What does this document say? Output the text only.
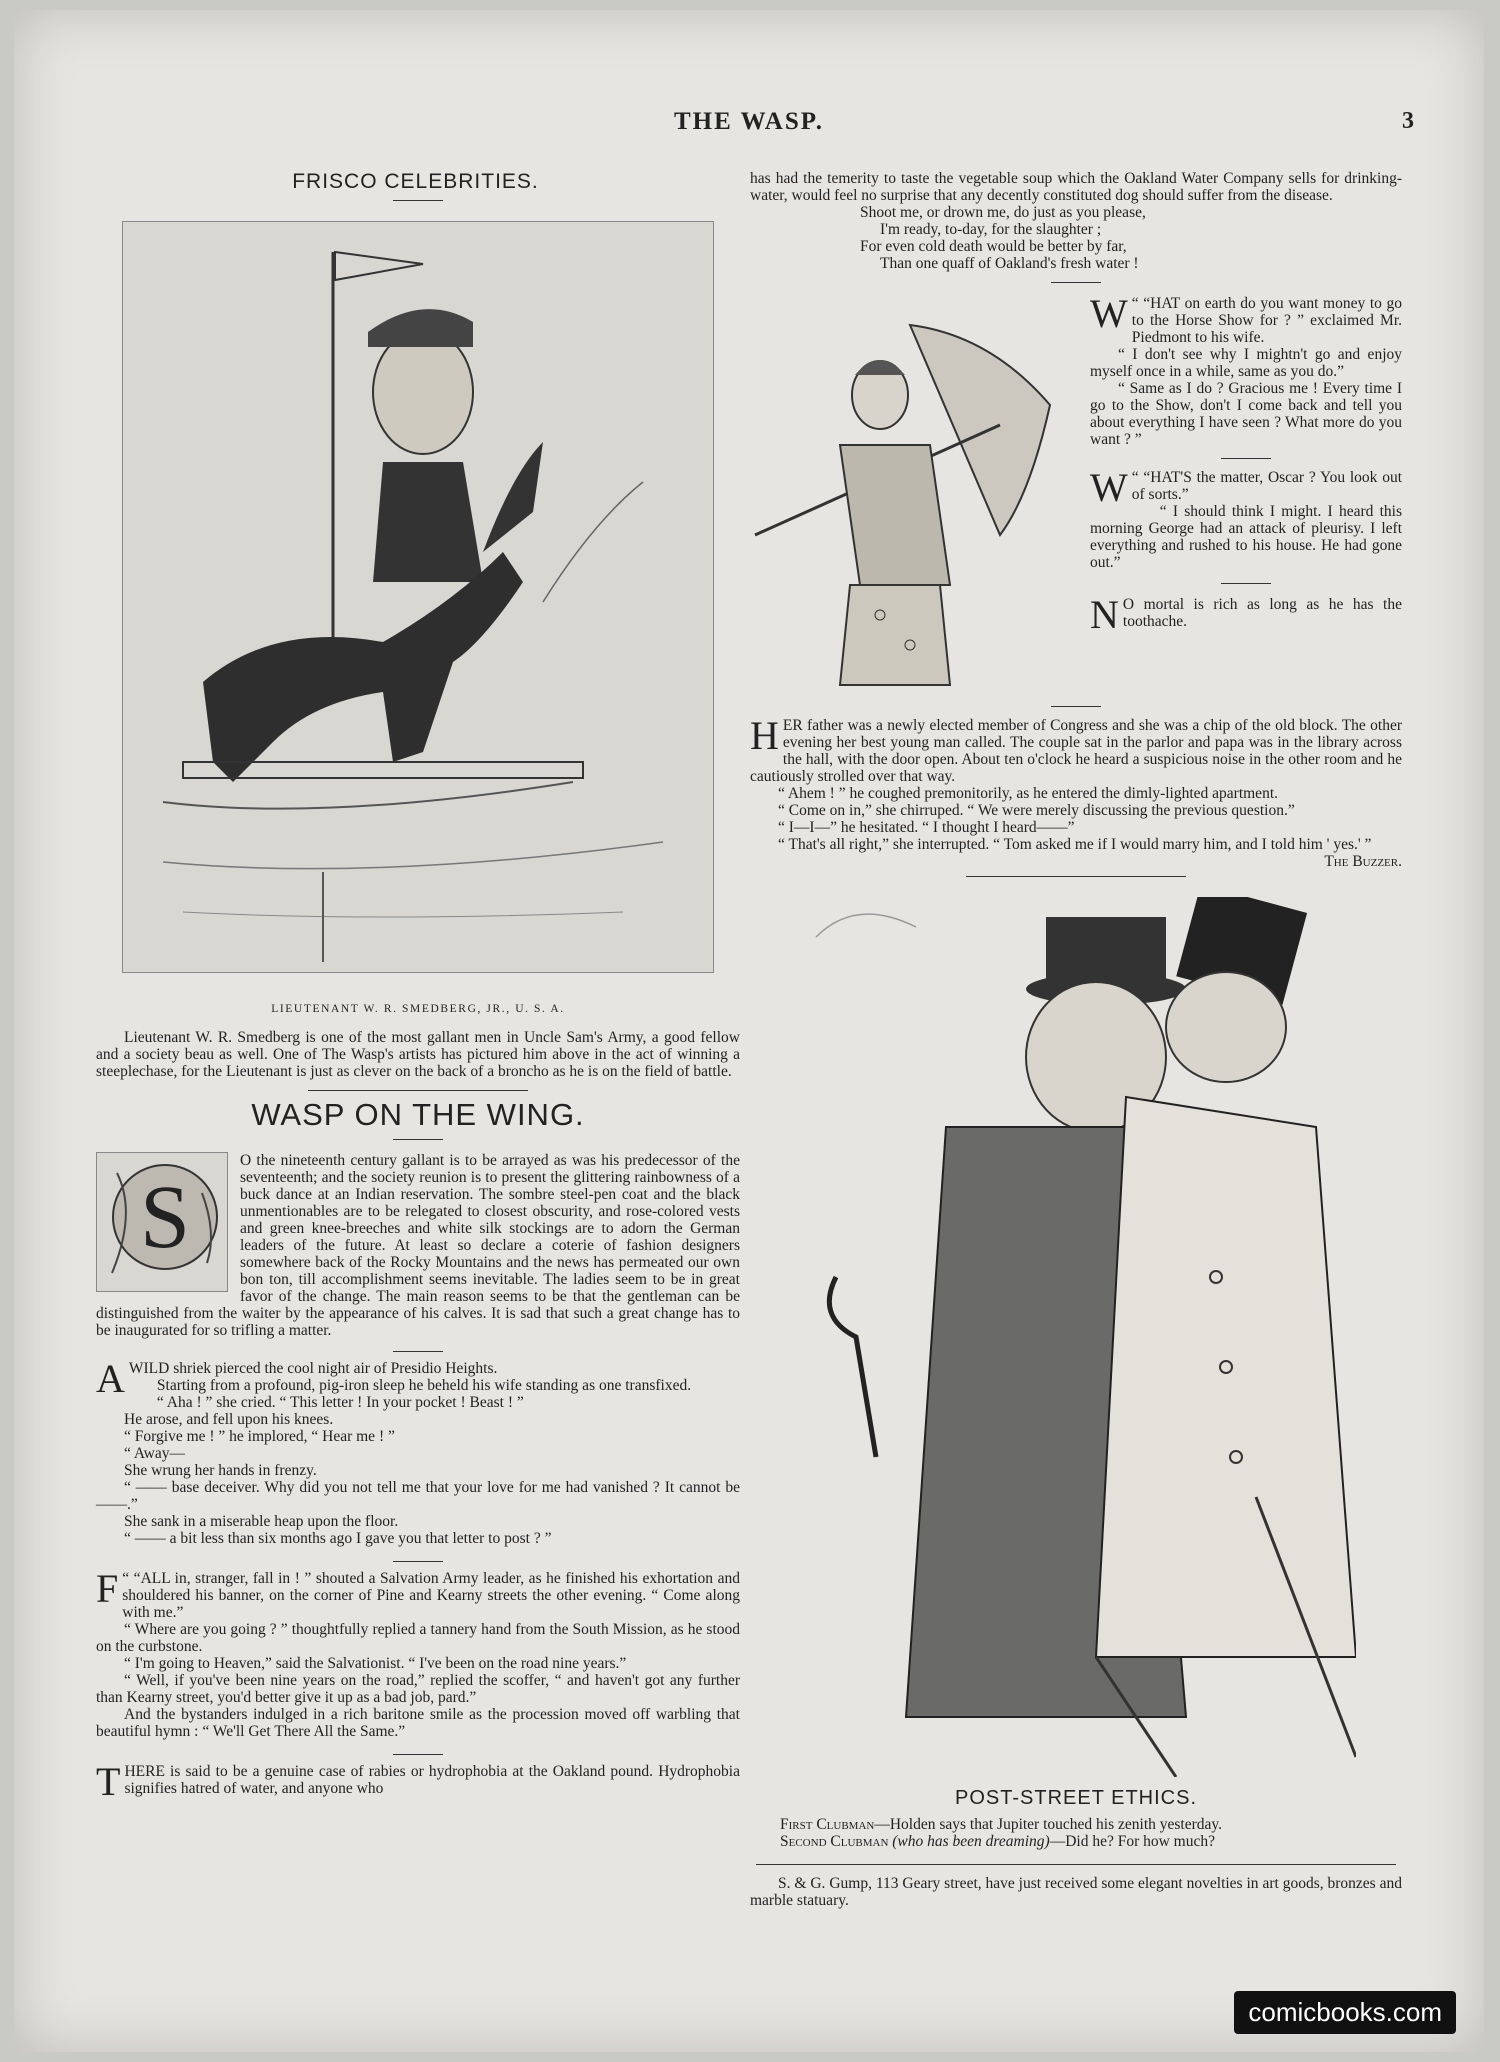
THE WASP.	3
FRISCO CELEBRITIES.
LIEUTENANT W. R. SMEDBERG, JR., U. S. A.

Lieutenant W. R. Smedberg is one of the most gallant men in Uncle Sam's Army, a good fellow and a society beau as well. One of The Wasp's artists has pictured him above in the act of winning a steeplechase, for the Lieutenant is just as clever on the back of a broncho as he is on the field of battle.

WASP ON THE WING.
S

O the nineteenth century gallant is to be arrayed as was his predecessor of the seventeenth; and the society reunion is to present the glittering rainbowness of a buck dance at an Indian reservation. The sombre steel-pen coat and the black unmentionables are to be relegated to closest obscurity, and rose-colored vests and green knee-breeches and white silk stockings are to adorn the German leaders of the future. At least so declare a coterie of fashion designers somewhere back of the Rocky Mountains and the news has permeated our own bon ton, till accomplishment seems inevitable. The ladies seem to be in great favor of the change. The main reason seems to be that the gentleman can be distinguished from the waiter by the appearance of his calves. It is sad that such a great change has to be inaugurated for so trifling a matter.

AWILD shriek pierced the cool night air of Presidio Heights.

Starting from a profound, pig-iron sleep he beheld his wife standing as one transfixed.

“ Aha ! ” she cried. “ This letter ! In your pocket ! Beast ! ”

He arose, and fell upon his knees.

“ Forgive me ! ” he implored, “ Hear me ! ”

“ Away—

She wrung her hands in frenzy.

“ —— base deceiver. Why did you not tell me that your love for me had vanished ? It cannot be——.”

She sank in a miserable heap upon the floor.

“ —— a bit less than six months ago I gave you that letter to post ? ”

F “ “ALL in, stranger, fall in ! ” shouted a Salvation Army leader, as he finished his exhortation and shouldered his banner, on the corner of Pine and Kearny streets the other evening. “ Come along with me.”

“ Where are you going ? ” thoughtfully replied a tannery hand from the South Mission, as he stood on the curbstone.

“ I'm going to Heaven,” said the Salvationist. “ I've been on the road nine years.”

“ Well, if you've been nine years on the road,” replied the scoffer, “ and haven't got any further than Kearny street, you'd better give it up as a bad job, pard.”

And the bystanders indulged in a rich baritone smile as the procession moved off warbling that beautiful hymn : “ We'll Get There All the Same.”

THERE is said to be a genuine case of rabies or hydrophobia at the Oakland pound. Hydrophobia signifies hatred of water, and anyone who

has had the temerity to taste the vegetable soup which the Oakland Water Company sells for drinking-water, would feel no surprise that any decently constituted dog should suffer from the disease.

Shoot me, or drown me, do just as you please,
I'm ready, to-day, for the slaughter ;
For even cold death would be better by far,
Than one quaff of Oakland's fresh water !

W “ “HAT on earth do you want money to go to the Horse Show for ? ” exclaimed Mr. Piedmont to his wife.

“ I don't see why I mightn't go and enjoy myself once in a while, same as you do.”

“ Same as I do ? Gracious me ! Every time I go to the Show, don't I come back and tell you about everything I have seen ? What more do you want ? ”

W “ “HAT'S the matter, Oscar ? You look out of sorts.”

“ I should think I might. I heard this morning George had an attack of pleurisy. I left everything and rushed to his house. He had gone out.”

N O mortal is rich as long as he has the toothache.

HER father was a newly elected member of Congress and she was a chip of the old block. The other evening her best young man called. The couple sat in the parlor and papa was in the library across the hall, with the door open. About ten o'clock he heard a suspicious noise in the other room and he cautiously strolled over that way.

“ Ahem ! ” he coughed premonitorily, as he entered the dimly-lighted apartment.

“ Come on in,” she chirruped. “ We were merely discussing the previous question.”

“ I—I—” he hesitated. “ I thought I heard——”

“ That's all right,” she interrupted. “ Tom asked me if I would marry him, and I told him ' yes.' ”

The Buzzer.

POST-STREET ETHICS.

First Clubman—Holden says that Jupiter touched his zenith yesterday.

Second Clubman (who has been dreaming)—Did he? For how much?

S. & G. Gump, 113 Geary street, have just received some elegant novelties in art goods, bronzes and marble statuary.

comicbooks.com
